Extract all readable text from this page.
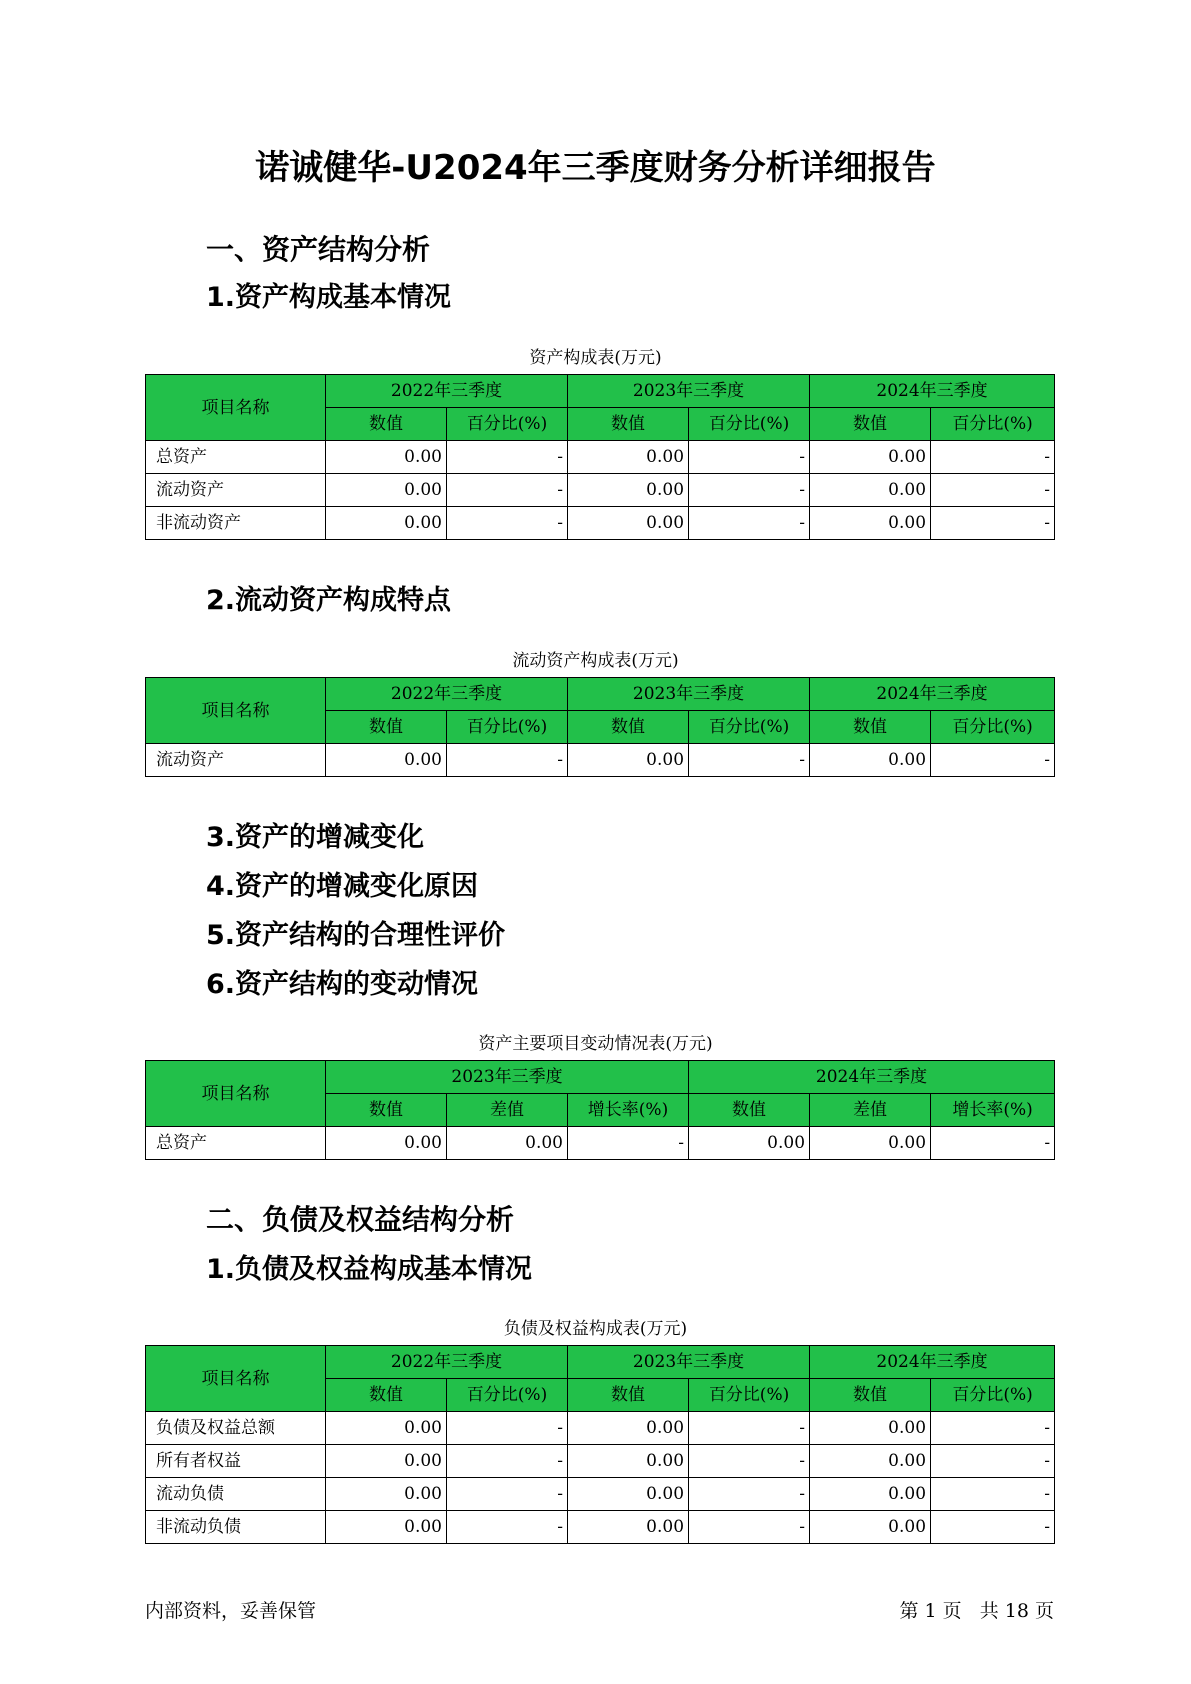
诺诚健华-U2024年三季度财务分析详细报告
一、资产结构分析
1.资产构成基本情况
资产构成表(万元)
项目名称	2022年三季度		2023年三季度		2024年三季度	
	数值	百分比(%)	数值	百分比(%)	数值	百分比(%)
总资产	0.00	-	0.00	-	0.00	-
流动资产	0.00	-	0.00	-	0.00	-
非流动资产	0.00	-	0.00	-	0.00	-
2.流动资产构成特点
流动资产构成表(万元)
项目名称	2022年三季度		2023年三季度		2024年三季度	
	数值	百分比(%)	数值	百分比(%)	数值	百分比(%)
流动资产	0.00	-	0.00	-	0.00	-
3.资产的增减变化
4.资产的增减变化原因
5.资产结构的合理性评价
6.资产结构的变动情况
资产主要项目变动情况表(万元)
项目名称	2023年三季度			2024年三季度		
	数值	差值	增长率(%)	数值	差值	增长率(%)
总资产	0.00	0.00	-	0.00	0.00	-
二、负债及权益结构分析
1.负债及权益构成基本情况
负债及权益构成表(万元)
项目名称	2022年三季度		2023年三季度		2024年三季度	
	数值	百分比(%)	数值	百分比(%)	数值	百分比(%)
负债及权益总额	0.00	-	0.00	-	0.00	-
所有者权益	0.00	-	0.00	-	0.00	-
流动负债	0.00	-	0.00	-	0.00	-
非流动负债	0.00	-	0.00	-	0.00	-
内部资料，妥善保管	第 1 页   共 18 页
